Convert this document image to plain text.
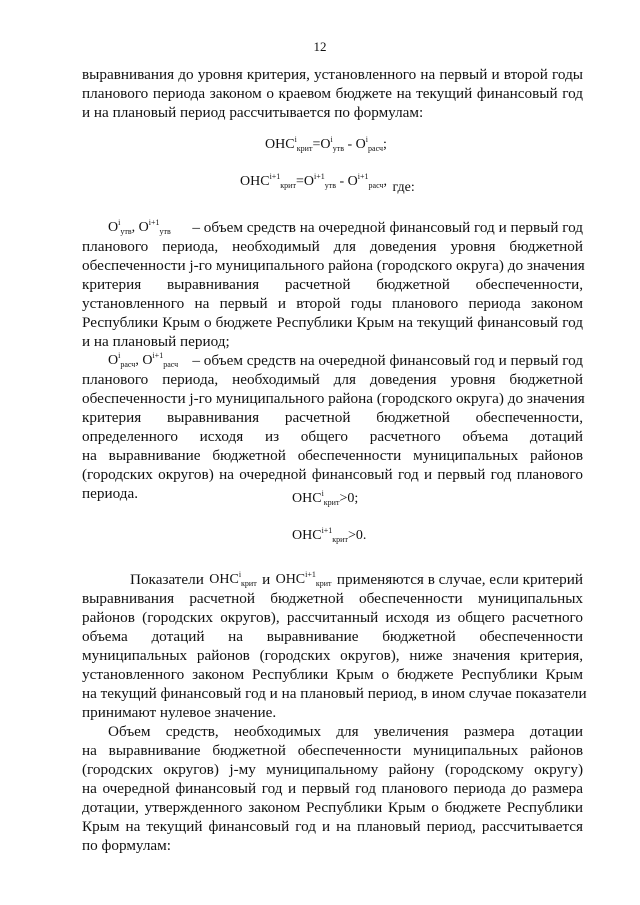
12
выравнивания до уровня критерия, установленного на первый и второй годы
планового периода законом о краевом бюджете на текущий финансовый год
и на плановый период рассчитывается по формулам:
$ОНС^i_{крит}=О^i_{утв} - О^i_{расч}$;
$ОНС^{i+1}_{крит}=О^{i+1}_{утв} - О^{i+1}_{расч}$, где:
$О^i_{утв}$, $О^{i+1}_{утв}$ – объем средств на очередной финансовый год и первый год
планового периода, необходимый для доведения уровня бюджетной
обеспеченности j-го муниципального района (городского округа) до значения
критерия выравнивания расчетной бюджетной обеспеченности,
установленного на первый и второй годы планового периода законом
Республики Крым о бюджете Республики Крым на текущий финансовый год
и на плановый период;
$О^i_{расч}$, $О^{i+1}_{расч}$ – объем средств на очередной финансовый год и первый год
планового периода, необходимый для доведения уровня бюджетной
обеспеченности j-го муниципального района (городского округа) до значения
критерия выравнивания расчетной бюджетной обеспеченности,
определенного исходя из общего расчетного объема дотаций
на выравнивание бюджетной обеспеченности муниципальных районов
(городских округов) на очередной финансовый год и первый год планового
периода.	$ОНС^i_{крит}>0$;
$ОНС^{i+1}_{крит}>0$.
Показатели $ОНС^i_{крит}$ и $ОНС^{i+1}_{крит}$ применяются в случае, если критерий
выравнивания расчетной бюджетной обеспеченности муниципальных
районов (городских округов), рассчитанный исходя из общего расчетного
объема дотаций на выравнивание бюджетной обеспеченности
муниципальных районов (городских округов), ниже значения критерия,
установленного законом Республики Крым о бюджете Республики Крым
на текущий финансовый год и на плановый период, в ином случае показатели
принимают нулевое значение.
Объем средств, необходимых для увеличения размера дотации
на выравнивание бюджетной обеспеченности муниципальных районов
(городских округов) j-му муниципальному району (городскому округу)
на очередной финансовый год и первый год планового периода до размера
дотации, утвержденного законом Республики Крым о бюджете Республики
Крым на текущий финансовый год и на плановый период, рассчитывается
по формулам:
